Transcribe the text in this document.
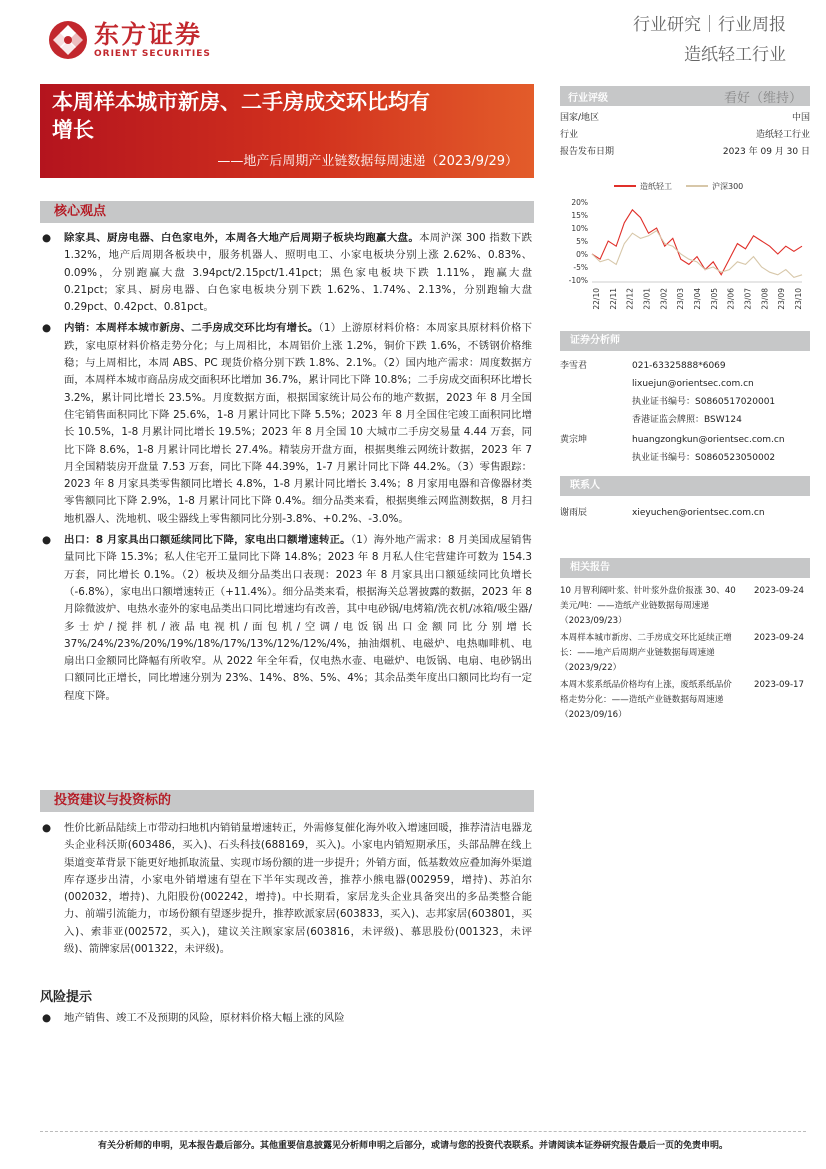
东方证券
ORIENT SECURITIES
行业研究｜行业周报
造纸轻工行业
本周样本城市新房、二手房成交环比均有
增长
——地产后周期产业链数据每周速递（2023/9/29）
核心观点
● 除家具、厨房电器、白色家电外，本周各大地产后周期子板块均跑赢大盘。本周沪深 300 指数下跌 1.32%，地产后周期各板块中，服务机器人、照明电工、小家电板块分别上涨 2.62%、0.83%、0.09%，分别跑赢大盘 3.94pct/2.15pct/1.41pct；黑色家电板块下跌 1.11%，跑赢大盘 0.21pct；家具、厨房电器、白色家电板块分别下跌 1.62%、1.74%、2.13%，分别跑输大盘 0.29pct、0.42pct、0.81pct。
● 内销：本周样本城市新房、二手房成交环比均有增长。（1）上游原材料价格：本周家具原材料价格下跌，家电原材料价格走势分化；与上周相比，本周铝价上涨 1.2%，铜价下跌 1.6%，不锈钢价格维稳；与上周相比，本周 ABS、PC 现货价格分别下跌 1.8%、2.1%。（2）国内地产需求：周度数据方面，本周样本城市商品房成交面积环比增加 36.7%，累计同比下降 10.8%；二手房成交面积环比增长 3.2%，累计同比增长 23.5%。月度数据方面，根据国家统计局公布的地产数据，2023 年 8 月全国住宅销售面积同比下降 25.6%，1-8 月累计同比下降 5.5%；2023 年 8 月全国住宅竣工面积同比增长 10.5%，1-8 月累计同比增长 19.5%；2023 年 8 月全国 10 大城市二手房交易量 4.44 万套，同比下降 8.6%，1-8 月累计同比增长 27.4%。精装房开盘方面，根据奥维云网统计数据，2023 年 7 月全国精装房开盘量 7.53 万套，同比下降 44.39%，1-7 月累计同比下降 44.2%。（3）零售跟踪：2023 年 8 月家具类零售额同比增长 4.8%，1-8 月累计同比增长 3.4%；8 月家用电器和音像器材类零售额同比下降 2.9%，1-8 月累计同比下降 0.4%。细分品类来看，根据奥维云网监测数据，8 月扫地机器人、洗地机、吸尘器线上零售额同比分别-3.8%、+0.2%、-3.0%。
● 出口：8 月家具出口额延续同比下降，家电出口额增速转正。（1）海外地产需求：8 月美国成屋销售量同比下降 15.3%；私人住宅开工量同比下降 14.8%；2023 年 8 月私人住宅营建许可数为 154.3 万套，同比增长 0.1%。（2）板块及细分品类出口表现：2023 年 8 月家具出口额延续同比负增长（-6.8%），家电出口额增速转正（+11.4%）。细分品类来看，根据海关总署披露的数据，2023 年 8 月除微波炉、电热水壶外的家电品类出口同比增速均有改善，其中电砂锅/电烤箱/洗衣机/冰箱/吸尘器/多士炉/搅拌机/液晶电视机/面包机/空调/电饭锅出口金额同比分别增长 37%/24%/23%/20%/19%/18%/17%/13%/12%/12%/4%，抽油烟机、电磁炉、电热咖啡机、电扇出口金额同比降幅有所收窄。从 2022 年全年看，仅电热水壶、电磁炉、电饭锅、电扇、电砂锅出口额同比正增长，同比增速分别为 23%、14%、8%、5%、4%；其余品类年度出口额同比均有一定程度下降。
投资建议与投资标的
● 性价比新品陆续上市带动扫地机内销销量增速转正，外需修复催化海外收入增速回暖，推荐清洁电器龙头企业科沃斯(603486，买入)、石头科技(688169，买入)。小家电内销短期承压，头部品牌在线上渠道变革背景下能更好地抓取流量、实现市场份额的进一步提升；外销方面，低基数效应叠加海外渠道库存逐步出清，小家电外销增速有望在下半年实现改善，推荐小熊电器(002959，增持)、苏泊尔(002032，增持)、九阳股份(002242，增持)。中长期看，家居龙头企业具备突出的多品类整合能力、前端引流能力，市场份额有望逐步提升，推荐欧派家居(603833，买入)、志邦家居(603801，买入)、索菲亚(002572，买入)，建议关注顾家家居(603816，未评级)、慕思股份(001323，未评级)、箭牌家居(001322，未评级)。
风险提示
● 地产销售、竣工不及预期的风险，原材料价格大幅上涨的风险
行业评级	看好（维持）
国家/地区	中国
行业	造纸轻工行业
报告发布日期	2023 年 09 月 30 日
造纸轻工	沪深300
20%
15%
10%
5%
0%
-5%
-10%
22/10 22/11 22/12 23/01 23/02 23/03 23/04 23/05 23/06 23/07 23/08 23/09 23/10
证券分析师
李雪君	021-63325888*6069
lixuejun@orientsec.com.cn
执业证书编号：S0860517020001
香港证监会牌照：BSW124
黄宗坤	huangzongkun@orientsec.com.cn
执业证书编号：S0860523050002
联系人
谢雨辰	xieyuchen@orientsec.com.cn
相关报告
10 月智利阔叶浆、针叶浆外盘价报涨 30、40 美元/吨：——造纸产业链数据每周速递（2023/09/23）
2023-09-24
本周样本城市新房、二手房成交环比延续正增长：——地产后周期产业链数据每周速递（2023/9/22）
2023-09-24
本周木浆系纸品价格均有上涨，废纸系纸品价格走势分化：——造纸产业链数据每周速递（2023/09/16）
2023-09-17
有关分析师的申明，见本报告最后部分。其他重要信息披露见分析师申明之后部分，或请与您的投资代表联系。并请阅读本证券研究报告最后一页的免责申明。
